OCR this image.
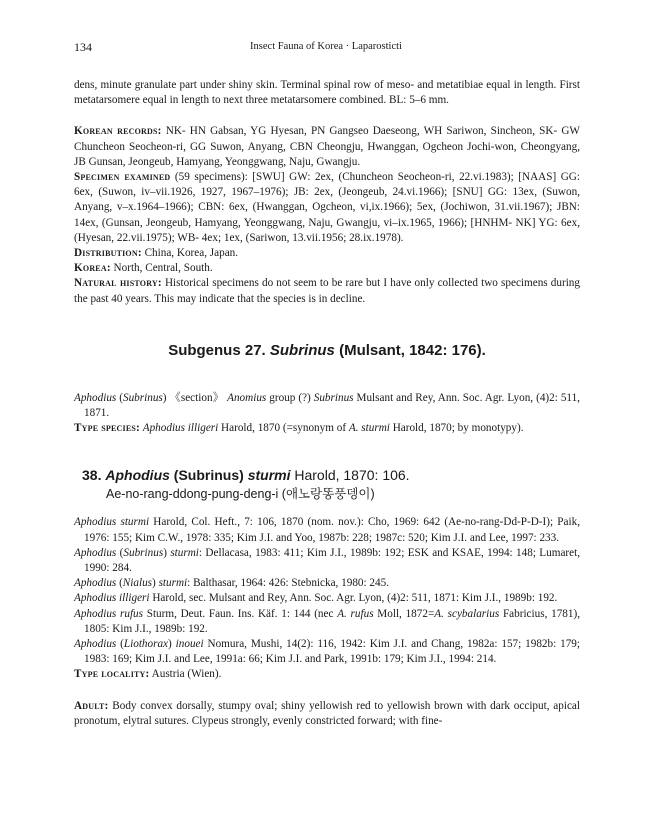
134	Insect Fauna of Korea · Laparosticti

dens, minute granulate part under shiny skin. Terminal spinal row of meso- and metatibiae equal in length. First metatarsomere equal in length to next three metatarsomere combined. BL: 5–6 mm.

Korean records: NK- HN Gabsan, YG Hyesan, PN Gangseo Daeseong, WH Sariwon, Sincheon, SK- GW Chuncheon Seocheon-ri, GG Suwon, Anyang, CBN Cheongju, Hwanggan, Ogcheon Jochi-won, Cheongyang, JB Gunsan, Jeongeub, Hamyang, Yeonggwang, Naju, Gwangju.

Specimen examined (59 specimens): [SWU] GW: 2ex, (Chuncheon Seocheon-ri, 22.vi.1983); [NAAS] GG: 6ex, (Suwon, iv–vii.1926, 1927, 1967–1976); JB: 2ex, (Jeongeub, 24.vi.1966); [SNU] GG: 13ex, (Suwon, Anyang, v–x.1964–1966); CBN: 6ex, (Hwanggan, Ogcheon, vi,ix.1966); 5ex, (Jochiwon, 31.vii.1967); JBN: 14ex, (Gunsan, Jeongeub, Hamyang, Yeonggwang, Naju, Gwangju, vi–ix.1965, 1966); [HNHM- NK] YG: 6ex, (Hyesan, 22.vii.1975); WB- 4ex; 1ex, (Sariwon, 13.vii.1956; 28.ix.1978).

Distribution: China, Korea, Japan.

Korea: North, Central, South.

Natural history: Historical specimens do not seem to be rare but I have only collected two specimens during the past 40 years. This may indicate that the species is in decline.

Subgenus 27. Subrinus (Mulsant, 1842: 176).

Aphodius (Subrinus) 《section》 Anomius group (?) Subrinus Mulsant and Rey, Ann. Soc. Agr. Lyon, (4)2: 511, 1871.

Type species: Aphodius illigeri Harold, 1870 (=synonym of A. sturmi Harold, 1870; by monotypy).

38. Aphodius (Subrinus) sturmi Harold, 1870: 106.
Ae-no-rang-ddong-pung-deng-i (애노랑똥풍뎅이)

Aphodius sturmi Harold, Col. Heft., 7: 106, 1870 (nom. nov.): Cho, 1969: 642 (Ae-no-rang-Dd-P-D-I); Paik, 1976: 155; Kim C.W., 1978: 335; Kim J.I. and Yoo, 1987b: 228; 1987c: 520; Kim J.I. and Lee, 1997: 233.

Aphodius (Subrinus) sturmi: Dellacasa, 1983: 411; Kim J.I., 1989b: 192; ESK and KSAE, 1994: 148; Lumaret, 1990: 284.

Aphodius (Nialus) sturmi: Balthasar, 1964: 426: Stebnicka, 1980: 245.

Aphodius illigeri Harold, sec. Mulsant and Rey, Ann. Soc. Agr. Lyon, (4)2: 511, 1871: Kim J.I., 1989b: 192.

Aphodius rufus Sturm, Deut. Faun. Ins. Käf. 1: 144 (nec A. rufus Moll, 1872=A. scybalarius Fabricius, 1781), 1805: Kim J.I., 1989b: 192.

Aphodius (Liothorax) inouei Nomura, Mushi, 14(2): 116, 1942: Kim J.I. and Chang, 1982a: 157; 1982b: 179; 1983: 169; Kim J.I. and Lee, 1991a: 66; Kim J.I. and Park, 1991b: 179; Kim J.I., 1994: 214.

Type locality: Austria (Wien).

Adult: Body convex dorsally, stumpy oval; shiny yellowish red to yellowish brown with dark occiput, apical pronotum, elytral sutures. Clypeus strongly, evenly constricted forward; with fine-
